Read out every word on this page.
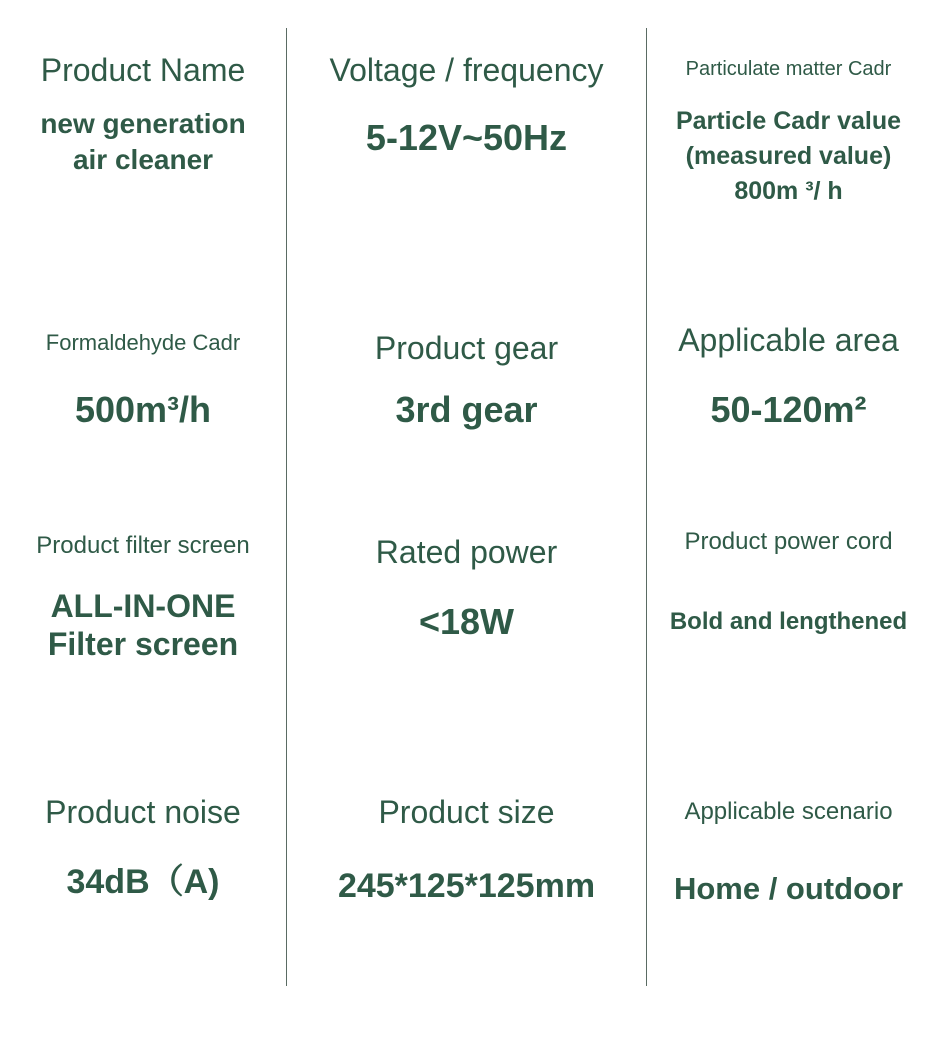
Product Name
new generation
air cleaner
Voltage / frequency
5-12V~50Hz
Particulate matter Cadr
Particle Cadr value
(measured value)
800m ³/ h
Formaldehyde Cadr
500m³/h
Product gear
3rd gear
Applicable area
50-120m²
Product filter screen
ALL-IN-ONE
Filter screen
Rated power
<18W
Product power cord
Bold and lengthened
Product noise
34dB（A)
Product size
245*125*125mm
Applicable scenario
Home / outdoor
